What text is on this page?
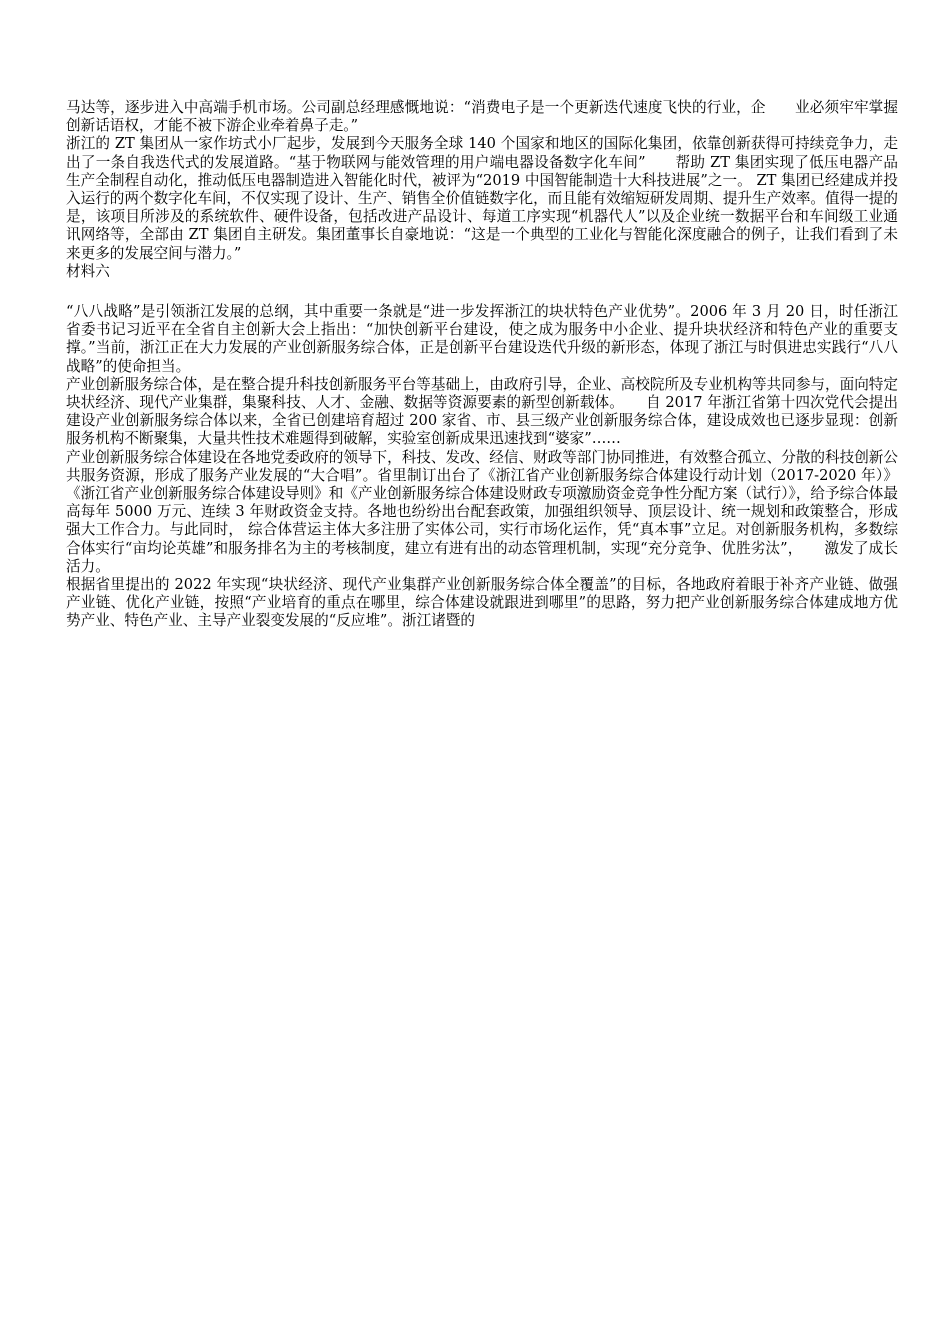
马达等，逐步进入中高端手机市场。公司副总经理感慨地说：“消费电子是一个更新迭代速度飞快的行业，企　　业必须牢牢掌握创新话语权，才能不被下游企业牵着鼻子走。”

浙江的 ZT 集团从一家作坊式小厂起步，发展到今天服务全球 140 个国家和地区的国际化集团，依靠创新获得可持续竞争力，走出了一条自我迭代式的发展道路。“基于物联网与能效管理的用户端电器设备数字化车间”　　帮助 ZT 集团实现了低压电器产品生产全制程自动化，推动低压电器制造进入智能化时代，被评为“2019 中国智能制造十大科技进展”之一。 ZT 集团已经建成并投入运行的两个数字化车间，不仅实现了设计、生产、销售全价值链数字化，而且能有效缩短研发周期、提升生产效率。值得一提的是，该项目所涉及的系统软件、硬件设备，包括改进产品设计、每道工序实现“机器代人”以及企业统一数据平台和车间级工业通讯网络等，全部由 ZT 集团自主研发。集团董事长自豪地说：“这是一个典型的工业化与智能化深度融合的例子，让我们看到了未来更多的发展空间与潜力。”

材料六

“八八战略”是引领浙江发展的总纲，其中重要一条就是“进一步发挥浙江的块状特色产业优势”。2006 年 3 月 20 日，时任浙江省委书记习近平在全省自主创新大会上指出：“加快创新平台建设，使之成为服务中小企业、提升块状经济和特色产业的重要支撑。”当前，浙江正在大力发展的产业创新服务综合体，正是创新平台建设迭代升级的新形态，体现了浙江与时俱进忠实践行“八八战略”的使命担当。

产业创新服务综合体，是在整合提升科技创新服务平台等基础上，由政府引导，企业、高校院所及专业机构等共同参与，面向特定块状经济、现代产业集群，集聚科技、人才、金融、数据等资源要素的新型创新载体。　　自 2017 年浙江省第十四次党代会提出建设产业创新服务综合体以来，全省已创建培育超过 200 家省、市、县三级产业创新服务综合体，建设成效也已逐步显现：创新服务机构不断聚集，大量共性技术难题得到破解，实验室创新成果迅速找到“婆家”……

产业创新服务综合体建设在各地党委政府的领导下，科技、发改、经信、财政等部门协同推进，有效整合孤立、分散的科技创新公共服务资源，形成了服务产业发展的“大合唱”。省里制订出台了《浙江省产业创新服务综合体建设行动计划（2017-2020 年）》《浙江省产业创新服务综合体建设导则》和《产业创新服务综合体建设财政专项激励资金竞争性分配方案（试行）》，给予综合体最高每年 5000 万元、连续 3 年财政资金支持。各地也纷纷出台配套政策，加强组织领导、顶层设计、统一规划和政策整合，形成强大工作合力。与此同时， 综合体营运主体大多注册了实体公司，实行市场化运作，凭“真本事”立足。对创新服务机构，多数综合体实行“亩均论英雄”和服务排名为主的考核制度，建立有进有出的动态管理机制，实现“充分竞争、优胜劣汰”，　　激发了成长活力。

根据省里提出的 2022 年实现“块状经济、现代产业集群产业创新服务综合体全覆盖”的目标，各地政府着眼于补齐产业链、做强产业链、优化产业链，按照“产业培育的重点在哪里，综合体建设就跟进到哪里”的思路，努力把产业创新服务综合体建成地方优势产业、特色产业、主导产业裂变发展的“反应堆”。浙江诸暨的
